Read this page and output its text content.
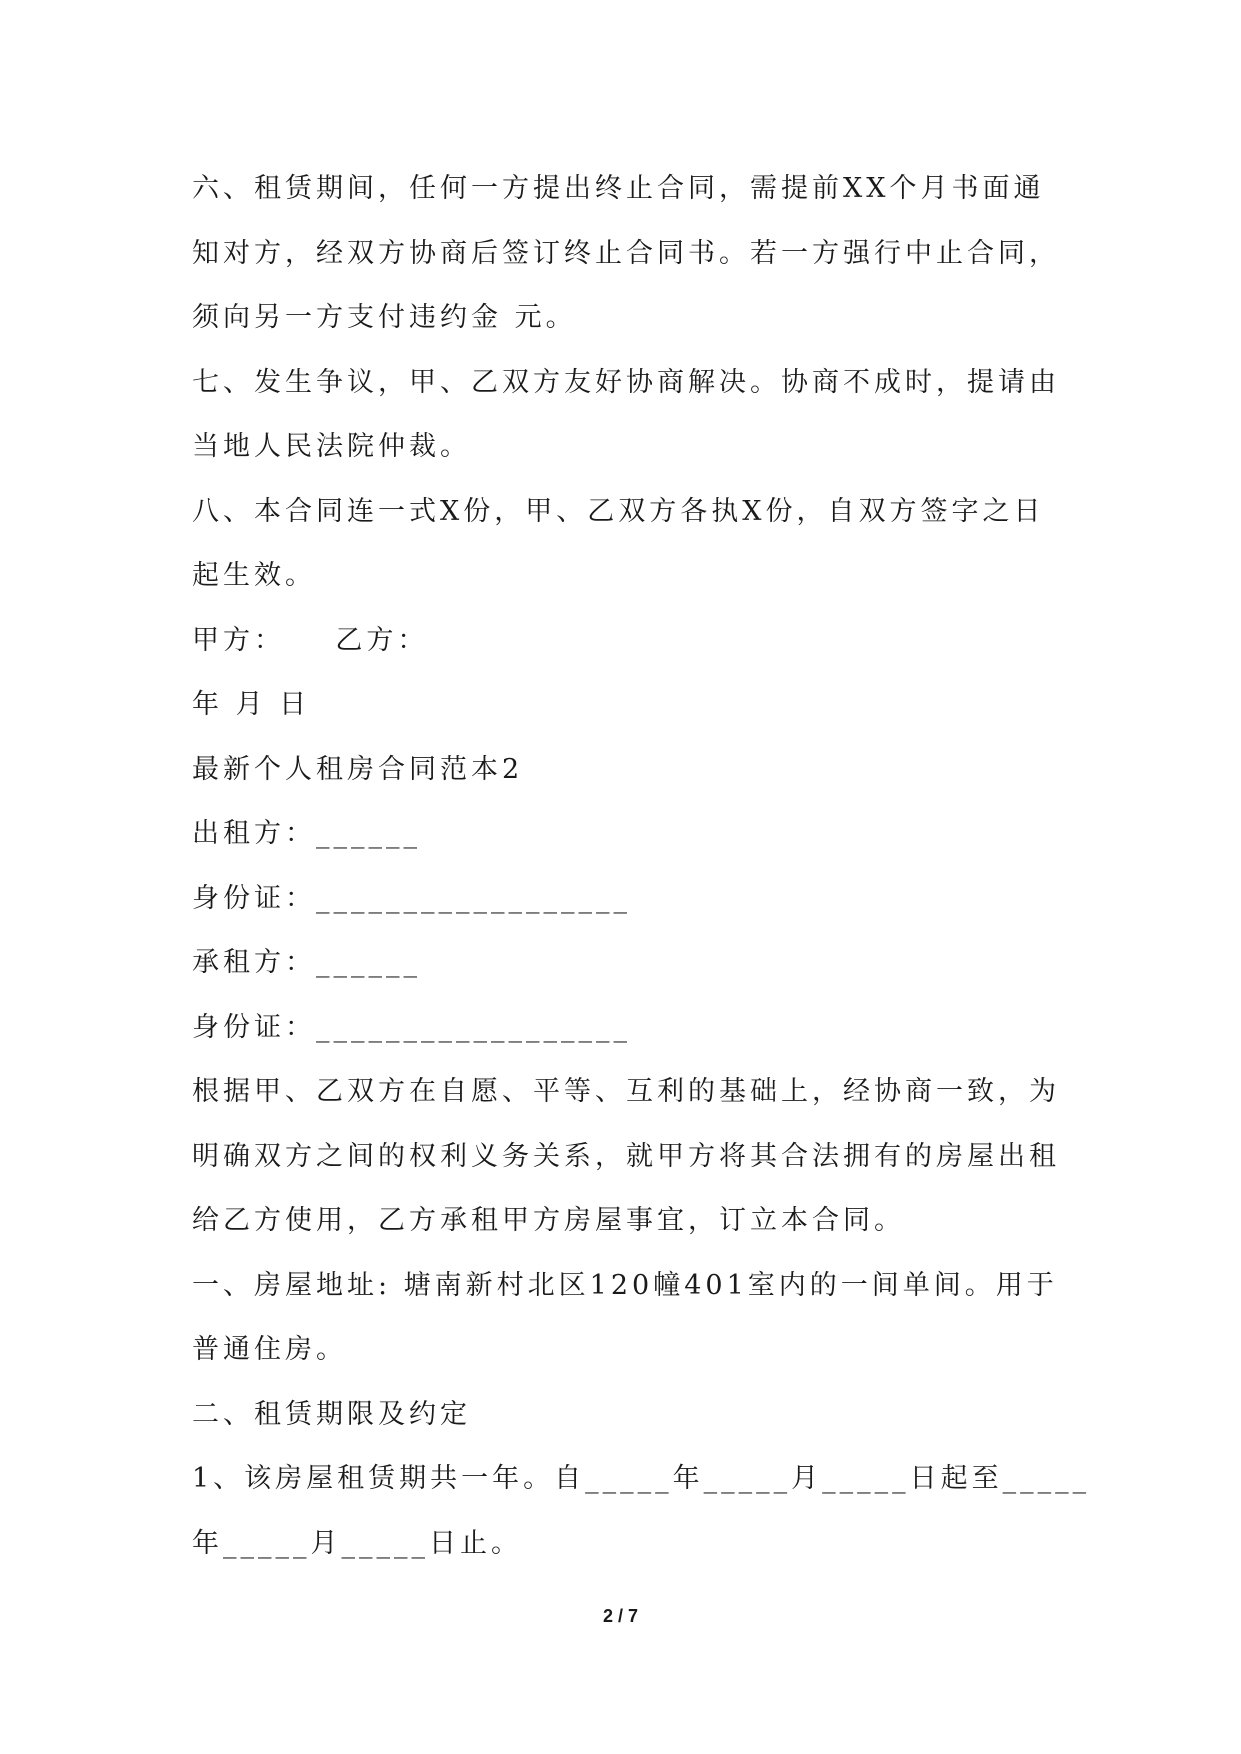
六、租赁期间，任何一方提出终止合同，需提前XX个月书面通
知对方，经双方协商后签订终止合同书。若一方强行中止合同，
须向另一方支付违约金 元。
七、发生争议，甲、乙双方友好协商解决。协商不成时，提请由
当地人民法院仲裁。
八、本合同连一式X份，甲、乙双方各执X份，自双方签字之日
起生效。
甲方：    乙方：
年 月 日
最新个人租房合同范本2
出租方：______
身份证：__________________
承租方：______
身份证：__________________
根据甲、乙双方在自愿、平等、互利的基础上，经协商一致，为
明确双方之间的权利义务关系，就甲方将其合法拥有的房屋出租
给乙方使用，乙方承租甲方房屋事宜，订立本合同。
一、房屋地址: 塘南新村北区120幢401室内的一间单间。用于
普通住房。
二、租赁期限及约定
1、该房屋租赁期共一年。自_____年_____月_____日起至_____
年_____月_____日止。
2 / 7
